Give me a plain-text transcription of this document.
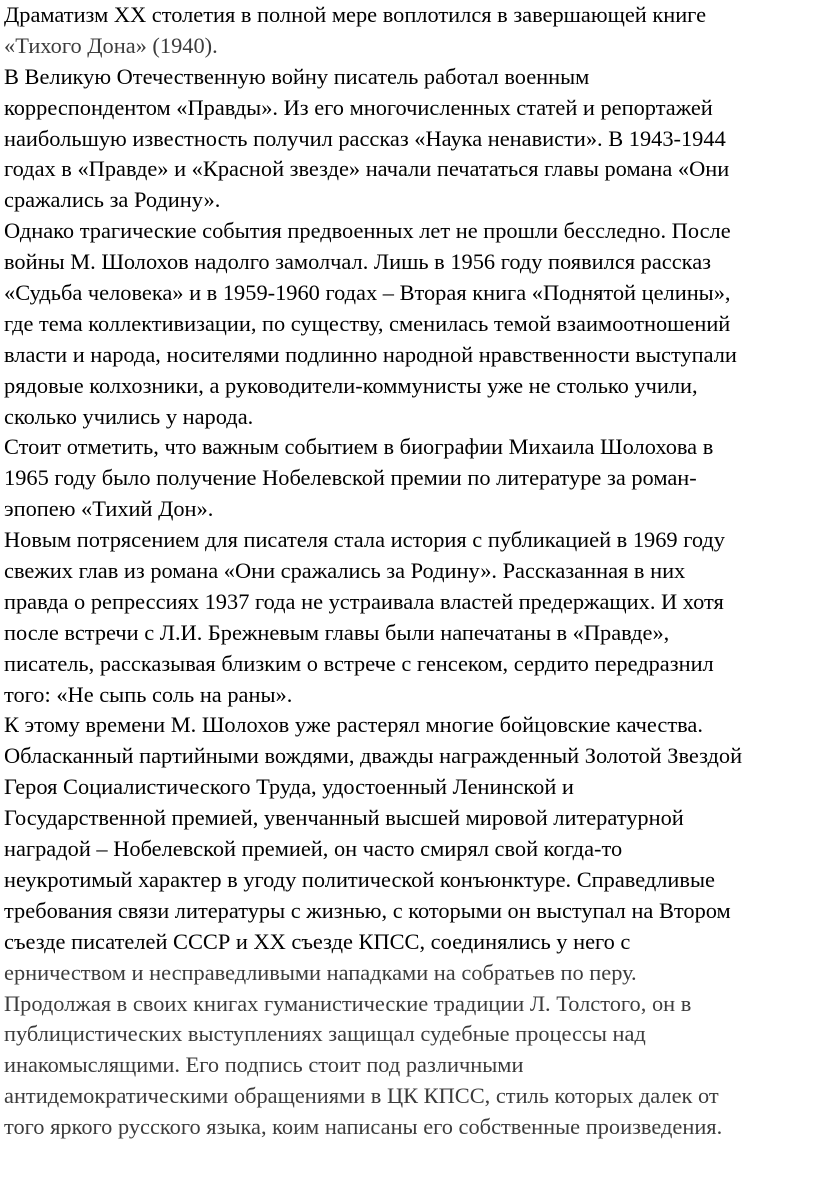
Драматизм XX столетия в полной мере воплотился в завершающей книге
«Тихого Дона» (1940).

В Великую Отечественную войну писатель работал военным
корреспондентом «Правды». Из его многочисленных статей и репортажей
наибольшую известность получил рассказ «Наука ненависти». В 1943-1944
годах в «Правде» и «Красной звезде» начали печататься главы романа «Они
сражались за Родину».

Однако трагические события предвоенных лет не прошли бесследно. После
войны М. Шолохов надолго замолчал. Лишь в 1956 году появился рассказ
«Судьба человека» и в 1959-1960 годах – Вторая книга «Поднятой целины»,
где тема коллективизации, по существу, сменилась темой взаимоотношений
власти и народа, носителями подлинно народной нравственности выступали
рядовые колхозники, а руководители-коммунисты уже не столько учили,
сколько учились у народа.

Стоит отметить, что важным событием в биографии Михаила Шолохова в
1965 году было получение Нобелевской премии по литературе за роман-
эпопею «Тихий Дон».

Новым потрясением для писателя стала история с публикацией в 1969 году
свежих глав из романа «Они сражались за Родину». Рассказанная в них
правда о репрессиях 1937 года не устраивала властей предержащих. И хотя
после встречи с Л.И. Брежневым главы были напечатаны в «Правде»,
писатель, рассказывая близким о встрече с генсеком, сердито передразнил
того: «Не сыпь соль на раны».

К этому времени М. Шолохов уже растерял многие бойцовские качества.
Обласканный партийными вождями, дважды награжденный Золотой Звездой
Героя Социалистического Труда, удостоенный Ленинской и
Государственной премией, увенчанный высшей мировой литературной
наградой – Нобелевской премией, он часто смирял свой когда-то
неукротимый характер в угоду политической конъюнктуре. Справедливые
требования связи литературы с жизнью, с которыми он выступал на Втором
съезде писателей СССР и XX съезде КПСС, соединялись у него с
ерничеством и несправедливыми нападками на собратьев по перу.

Продолжая в своих книгах гуманистические традиции Л. Толстого, он в
публицистических выступлениях защищал судебные процессы над
инакомыслящими. Его подпись стоит под различными
антидемократическими обращениями в ЦК КПСС, стиль которых далек от
того яркого русского языка, коим написаны его собственные произведения.
